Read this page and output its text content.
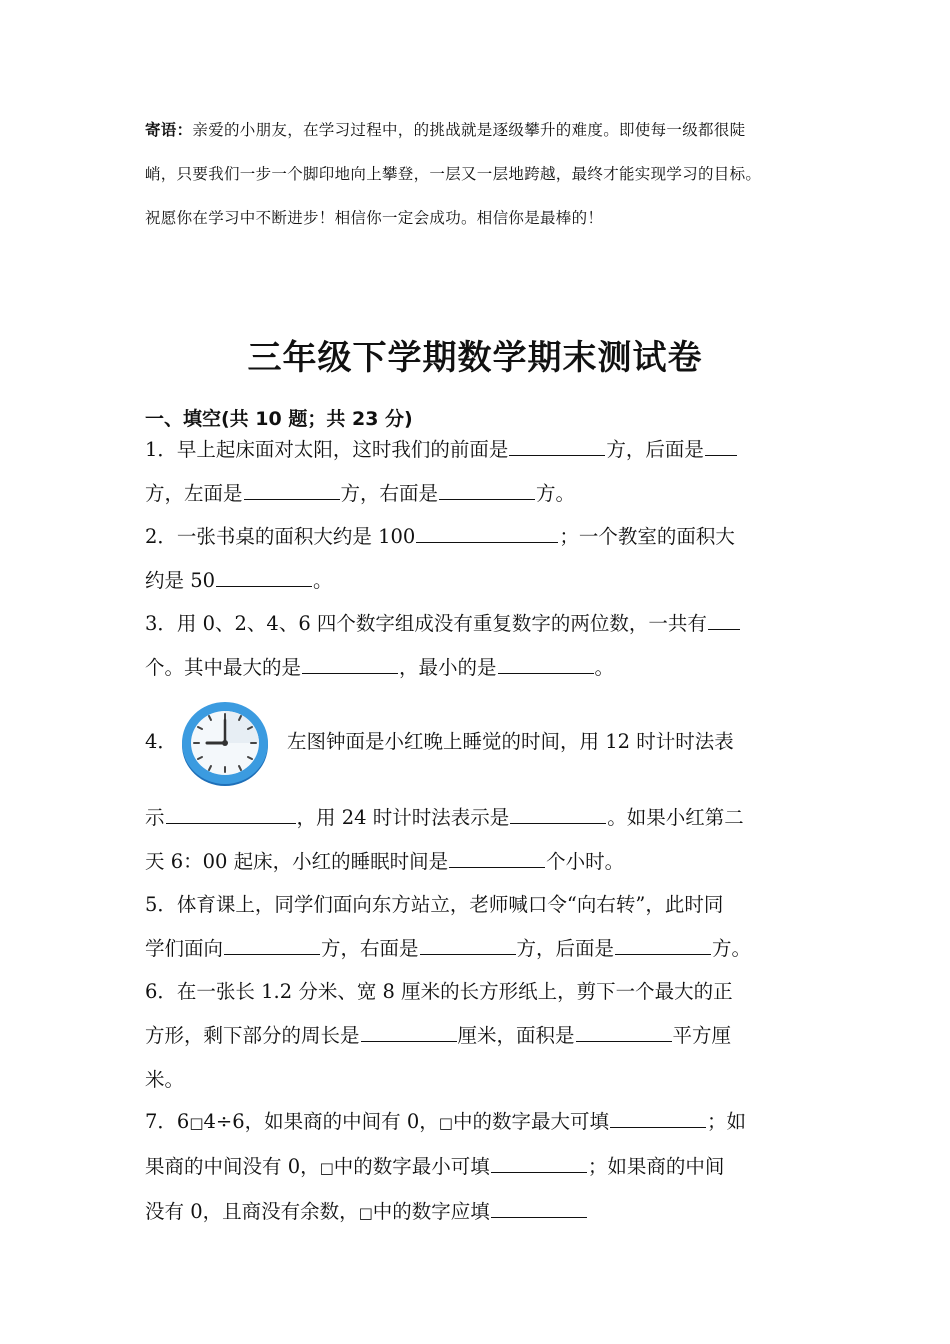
寄语：亲爱的小朋友，在学习过程中，的挑战就是逐级攀升的难度。即使每一级都很陡
峭，只要我们一步一个脚印地向上攀登，一层又一层地跨越，最终才能实现学习的目标。
祝愿你在学习中不断进步！相信你一定会成功。相信你是最棒的！
三年级下学期数学期末测试卷
一、填空(共 10 题；共 23 分)
1．早上起床面对太阳，这时我们的前面是	方，后面是
方，左面是	方，右面是	方。
2．一张书桌的面积大约是 100	；一个教室的面积大
约是 50	。
3．用 0、2、4、6 四个数字组成没有重复数字的两位数，一共有
个。其中最大的是	，最小的是	。
4．	左图钟面是小红晚上睡觉的时间，用 12 时计时法表
示	，用 24 时计时法表示是	。如果小红第二
天 6：00 起床，小红的睡眠时间是	个小时。
5．体育课上，同学们面向东方站立，老师喊口令“向右转”，此时同
学们面向	方，右面是	方，后面是	方。
6．在一张长 1.2 分米、宽 8 厘米的长方形纸上，剪下一个最大的正
方形，剩下部分的周长是	厘米，面积是	平方厘
米。
7．6□4÷6，如果商的中间有 0，□中的数字最大可填	；如
果商的中间没有 0，□中的数字最小可填	；如果商的中间
没有 0，且商没有余数，□中的数字应填
